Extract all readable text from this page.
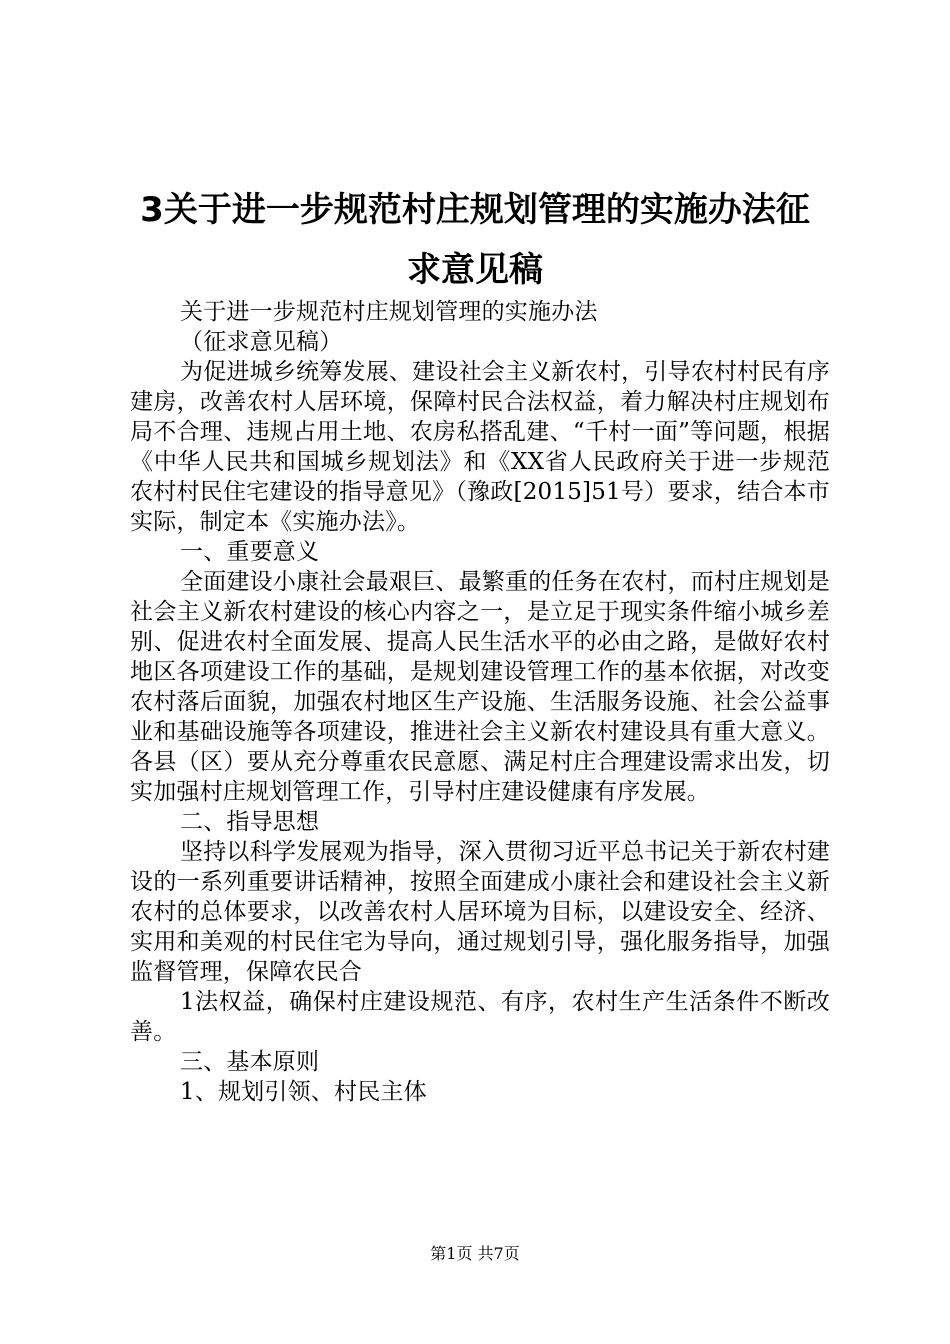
3关于进一步规范村庄规划管理的实施办法征
求意见稿

关于进一步规范村庄规划管理的实施办法

（征求意见稿）

为促进城乡统筹发展、建设社会主义新农村，引导农村村民有序建房，改善农村人居环境，保障村民合法权益，着力解决村庄规划布局不合理、违规占用土地、农房私搭乱建、“千村一面”等问题，根据《中华人民共和国城乡规划法》和《XX省人民政府关于进一步规范农村村民住宅建设的指导意见》（豫政[2015]51号）要求，结合本市实际，制定本《实施办法》。

一、重要意义

全面建设小康社会最艰巨、最繁重的任务在农村，而村庄规划是社会主义新农村建设的核心内容之一，是立足于现实条件缩小城乡差别、促进农村全面发展、提高人民生活水平的必由之路，是做好农村地区各项建设工作的基础，是规划建设管理工作的基本依据，对改变农村落后面貌，加强农村地区生产设施、生活服务设施、社会公益事业和基础设施等各项建设，推进社会主义新农村建设具有重大意义。各县（区）要从充分尊重农民意愿、满足村庄合理建设需求出发，切实加强村庄规划管理工作，引导村庄建设健康有序发展。

二、指导思想

坚持以科学发展观为指导，深入贯彻习近平总书记关于新农村建设的一系列重要讲话精神，按照全面建成小康社会和建设社会主义新农村的总体要求，以改善农村人居环境为目标，以建设安全、经济、实用和美观的村民住宅为导向，通过规划引导，强化服务指导，加强监督管理，保障农民合

1法权益，确保村庄建设规范、有序，农村生产生活条件不断改善。

三、基本原则

1、规划引领、村民主体

第1页 共7页
